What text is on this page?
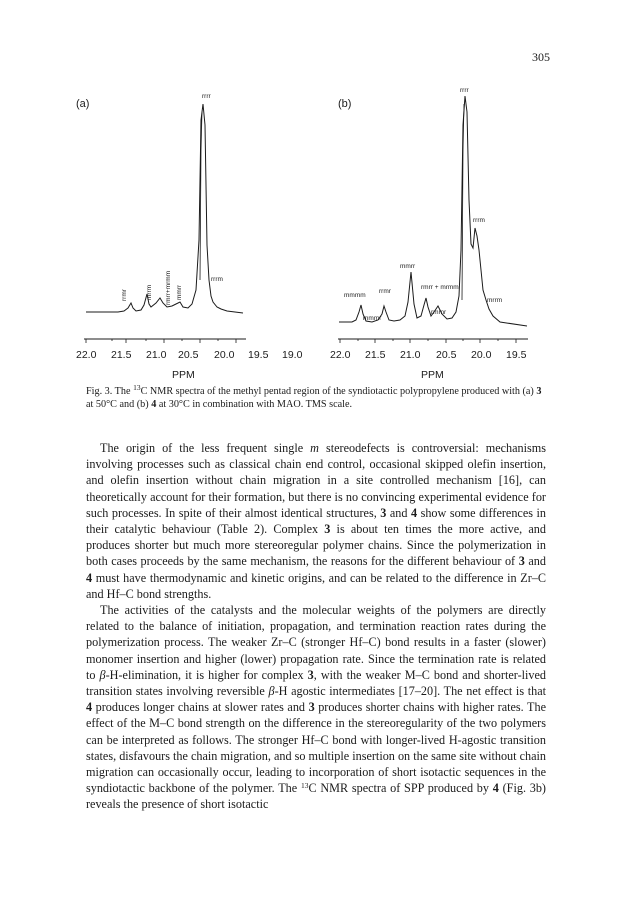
305
(a)	(b)
rrrr
rrrm
mmrr
rmrr+mrmm
mrrm
rrmr
rrrr
rrrm
mmrr
rmrr + mrmm
mmmm
rrmr
mrrm
mmmr
rmmr
22.0 21.5 21.0 20.5 20.0 19.5 19.0
PPM
22.0 21.5 21.0 20.5 20.0 19.5
PPM
Fig. 3. The $^{13}$C NMR spectra of the methyl pentad region of the syndiotactic polypropylene produced with (a) 3 at 50°C and (b) 4 at 30°C in combination with MAO. TMS scale.

The origin of the less frequent single m stereodefects is controversial: mechanisms involving processes such as classical chain end control, occasional skipped olefin insertion, and olefin insertion without chain migration in a site controlled mechanism [16], can theoretically account for their formation, but there is no convincing experimental evidence for such processes. In spite of their almost identical structures, 3 and 4 show some differences in their catalytic behaviour (Table 2). Complex 3 is about ten times the more active, and produces shorter but much more stereoregular polymer chains. Since the polymerization in both cases proceeds by the same mechanism, the reasons for the different behaviour of 3 and 4 must have thermodynamic and kinetic origins, and can be related to the difference in Zr–C and Hf–C bond strengths.

The activities of the catalysts and the molecular weights of the polymers are directly related to the balance of initiation, propagation, and termination reaction rates during the polymerization process. The weaker Zr–C (stronger Hf–C) bond results in a faster (slower) monomer insertion and higher (lower) propagation rate. Since the termination rate is related to β-H-elimination, it is higher for complex 3, with the weaker M–C bond and shorter-lived transition states involving reversible β-H agostic intermediates [17–20]. The net effect is that 4 produces longer chains at slower rates and 3 produces shorter chains with higher rates. The effect of the M–C bond strength on the difference in the stereoregularity of the two polymers can be interpreted as follows. The stronger Hf–C bond with longer-lived H-agostic transition states, disfavours the chain migration, and so multiple insertion on the same site without chain migration can occasionally occur, leading to incorporation of short isotactic sequences in the syndiotactic backbone of the polymer. The $^{13}$C NMR spectra of SPP produced by 4 (Fig. 3b) reveals the presence of short isotactic
